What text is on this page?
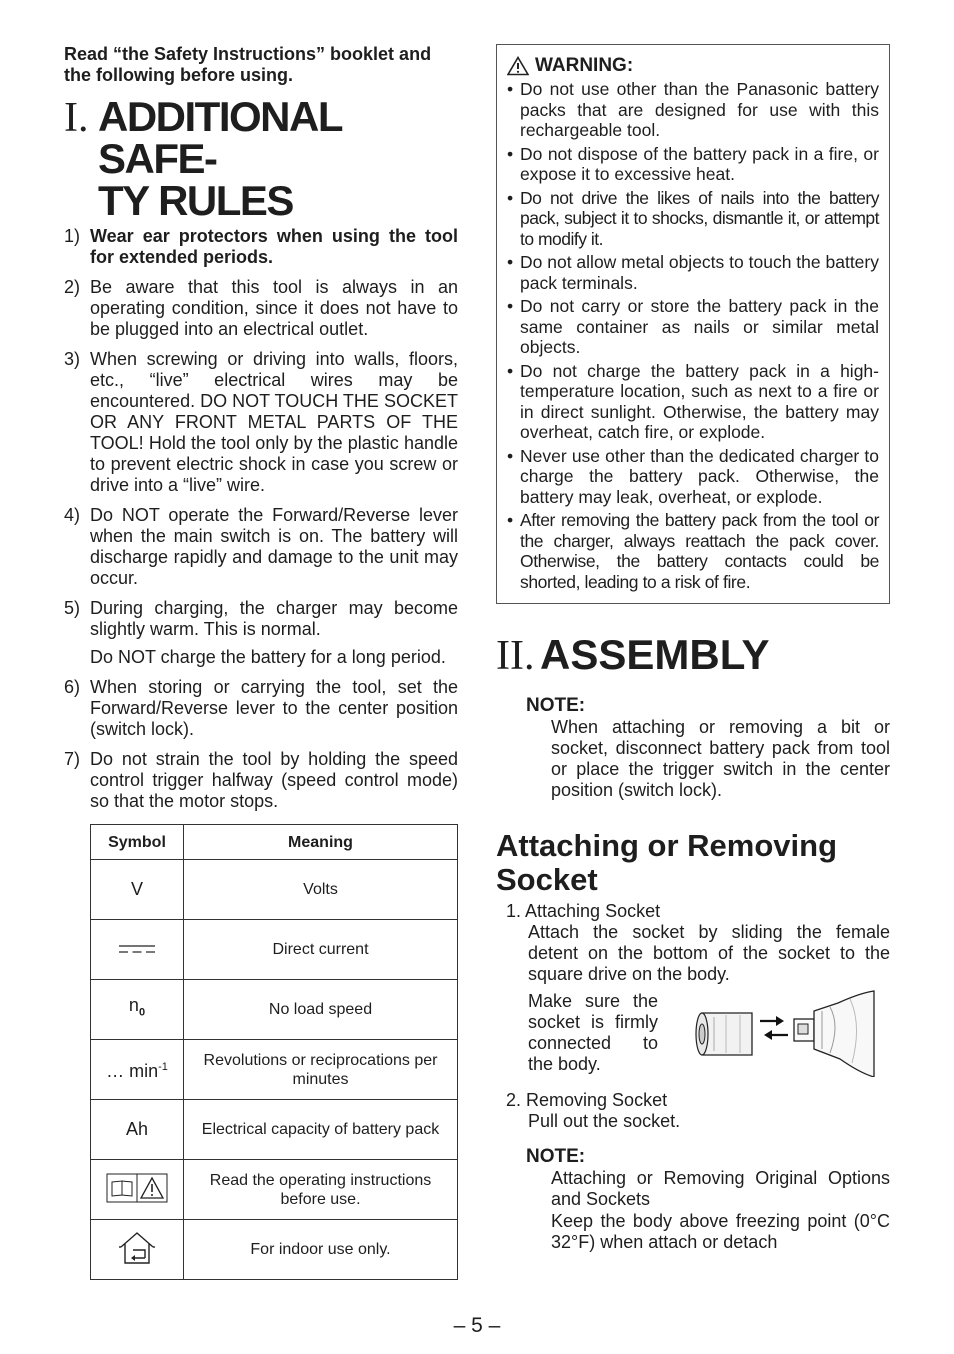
Read “the Safety Instructions” booklet and the following before using.
I. ADDITIONAL SAFE-
TY RULES
1) Wear ear protectors when using the tool for extended periods.
2) Be aware that this tool is always in an operating condition, since it does not have to be plugged into an electrical outlet.
3) When screwing or driving into walls, floors, etc., “live” electrical wires may be encountered. DO NOT TOUCH THE SOCKET OR ANY FRONT METAL PARTS OF THE TOOL! Hold the tool only by the plastic handle to prevent electric shock in case you screw or drive into a “live” wire.
4) Do NOT operate the Forward/Reverse lever when the main switch is on. The battery will discharge rapidly and damage to the unit may occur.
5) During charging, the charger may become slightly warm. This is normal.

Do NOT charge the battery for a long period.

6) When storing or carrying the tool, set the Forward/Reverse lever to the center position (switch lock).
7) Do not strain the tool by holding the speed control trigger halfway (speed control mode) so that the motor stops.
Symbol	Meaning
V	Volts
	Direct current
$n_0$	No load speed
… $\min^{-1}$	Revolutions or reciprocations per minutes
Ah	Electrical capacity of battery pack
	Read the operating instructions before use.
	For indoor use only.
WARNING:
• Do not use other than the Panasonic battery packs that are designed for use with this rechargeable tool.
• Do not dispose of the battery pack in a fire, or expose it to excessive heat.
• Do not drive the likes of nails into the battery pack, subject it to shocks, dismantle it, or attempt to modify it.
• Do not allow metal objects to touch the battery pack terminals.
• Do not carry or store the battery pack in the same container as nails or similar metal objects.
• Do not charge the battery pack in a high-temperature location, such as next to a fire or in direct sunlight. Otherwise, the battery may overheat, catch fire, or explode.
• Never use other than the dedicated charger to charge the battery pack. Otherwise, the battery may leak, overheat, or explode.
• After removing the battery pack from the tool or the charger, always reattach the pack cover. Otherwise, the battery contacts could be shorted, leading to a risk of fire.
II. ASSEMBLY
NOTE:
When attaching or removing a bit or socket, disconnect battery pack from tool or place the trigger switch in the center position (switch lock).
Attaching or Removing Socket
1. Attaching Socket
Attach the socket by sliding the female detent on the bottom of the socket to the square drive on the body.
Make sure the socket is firmly connected to the body.
2. Removing Socket
Pull out the socket.
NOTE:
Attaching or Removing Original Options and Sockets
Keep the body above freezing point (0°C 32°F) when attach or detach
– 5 –
